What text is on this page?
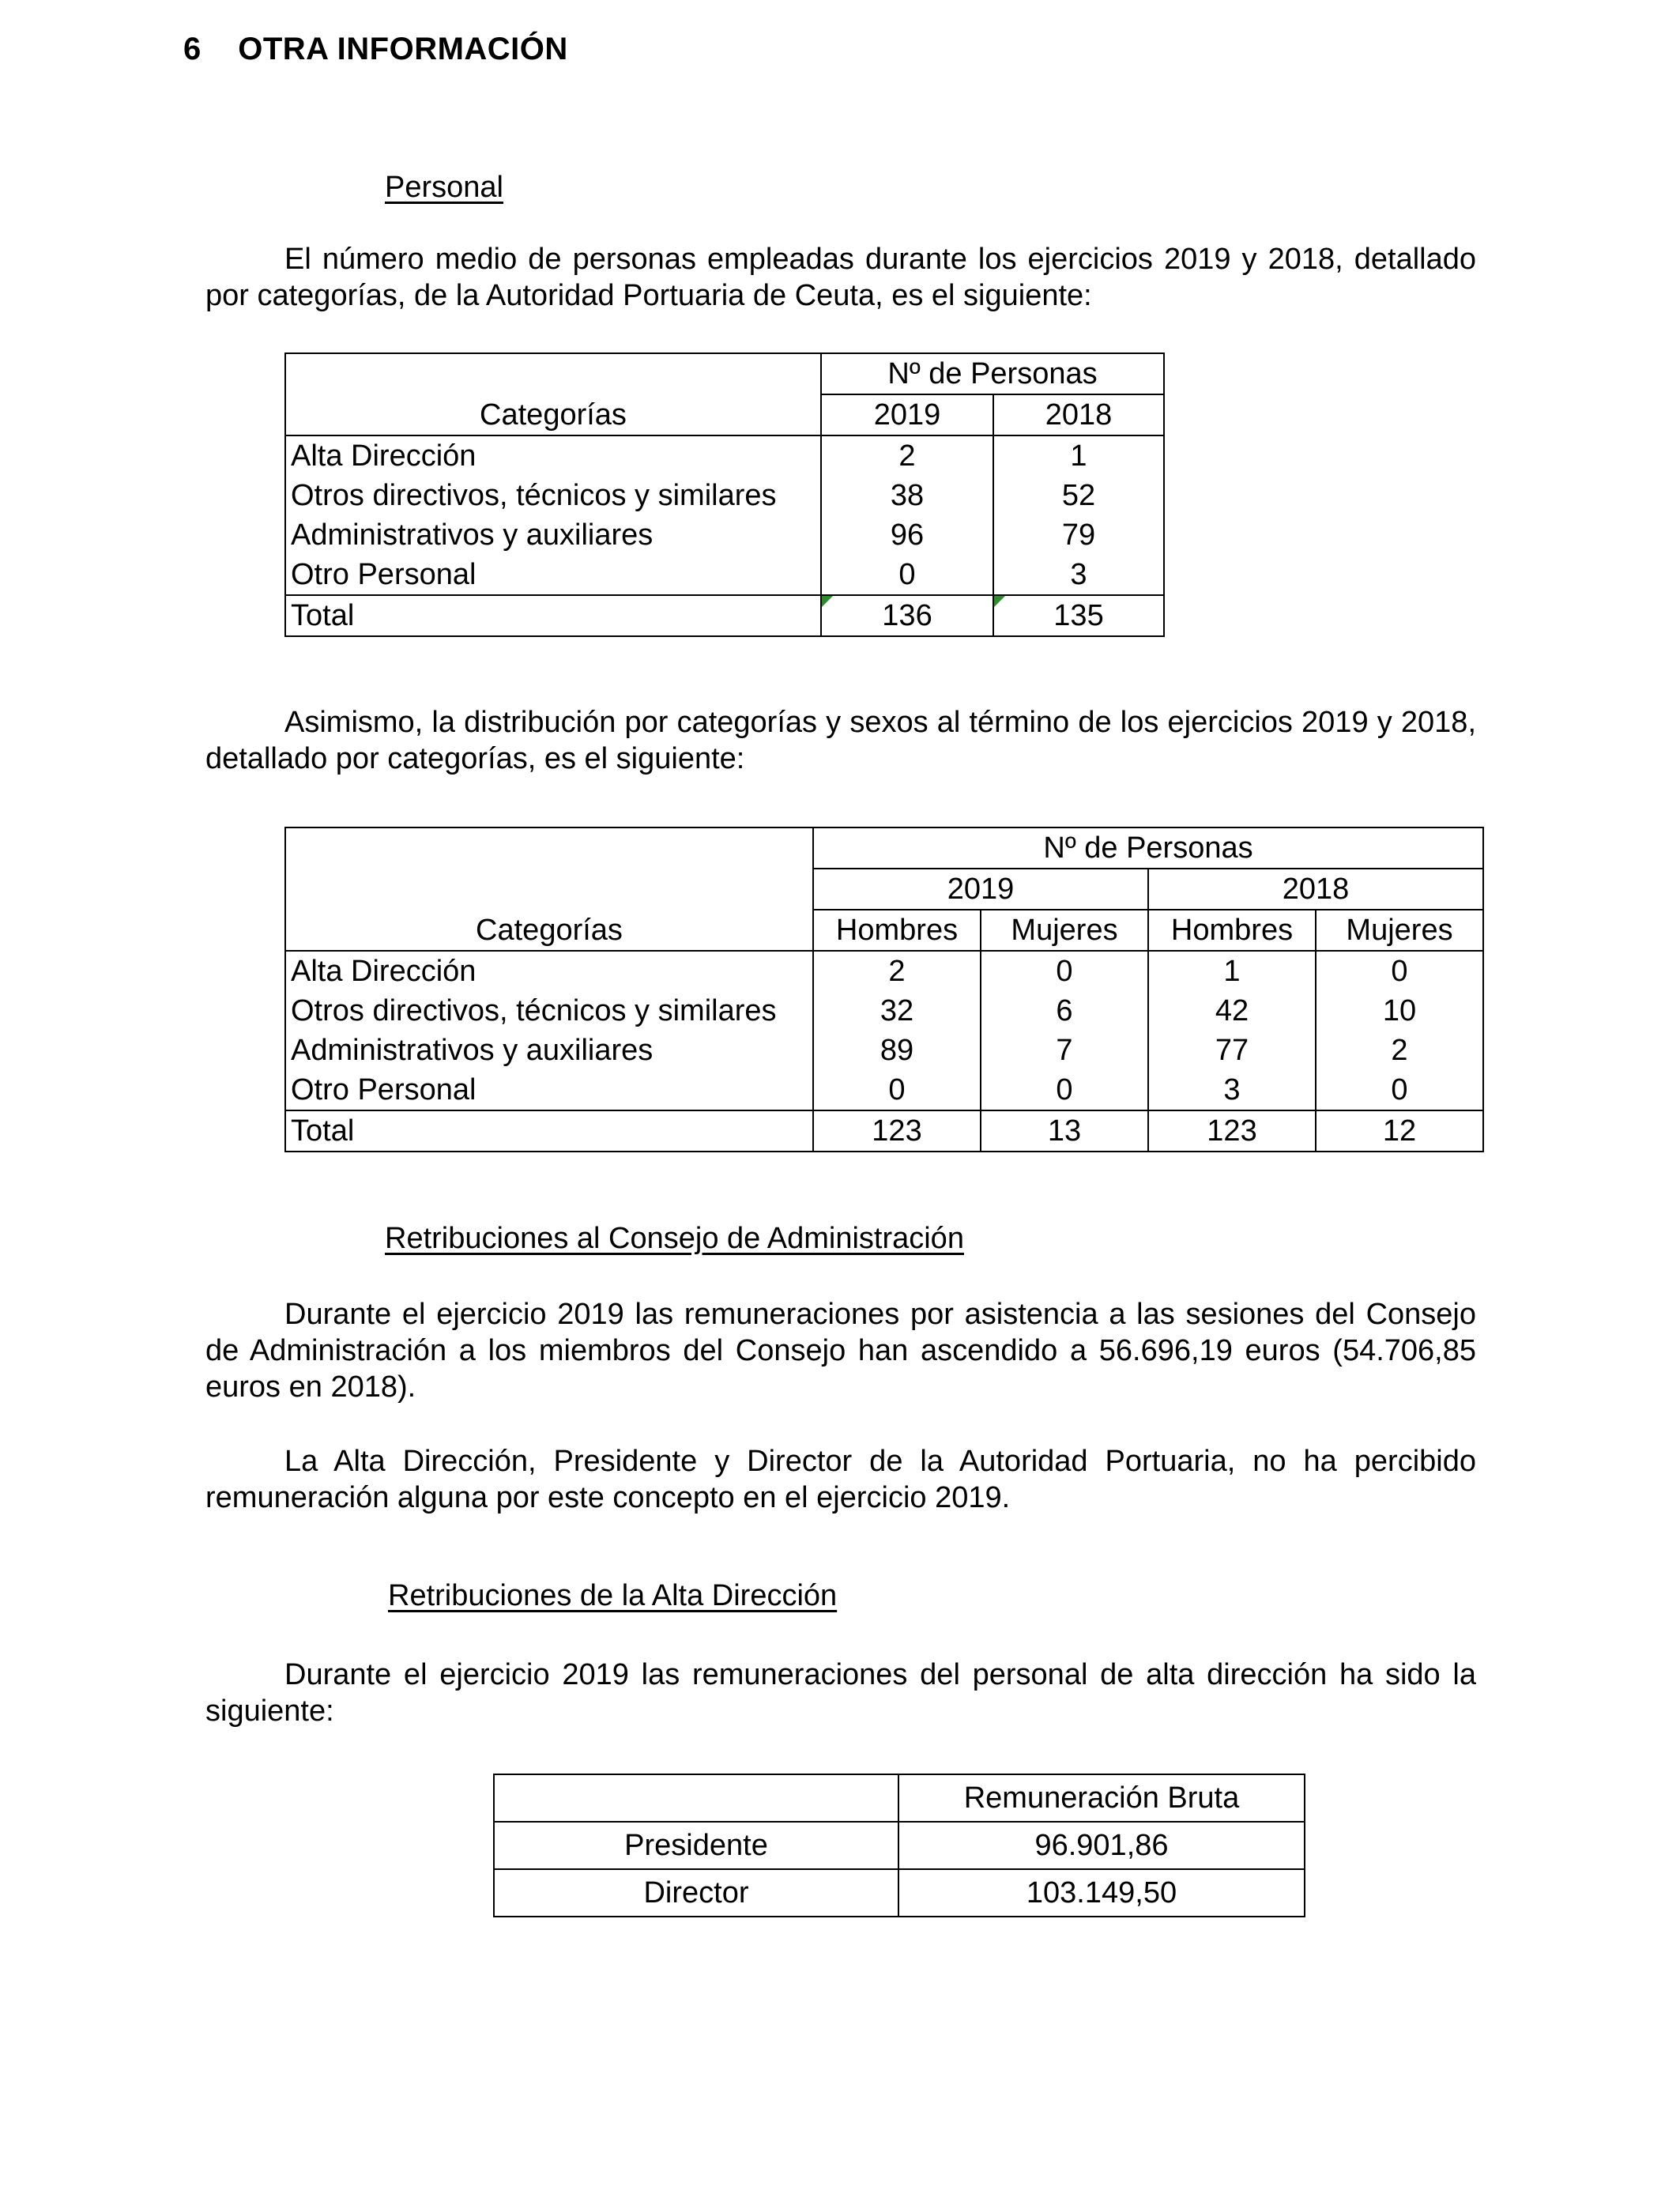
6 OTRA INFORMACIÓN
Personal
El número medio de personas empleadas durante los ejercicios 2019 y 2018, detallado por categorías, de la Autoridad Portuaria de Ceuta, es el siguiente:
	Nº de Personas	
Categorías	2019	2018
Alta Dirección	2	1
Otros directivos, técnicos y similares	38	52
Administrativos y auxiliares	96	79
Otro Personal	0	3
Total	136	135
Asimismo, la distribución por categorías y sexos al término de los ejercicios 2019 y 2018, detallado por categorías, es el siguiente:
	Nº de Personas			
	2019		2018	
Categorías	Hombres	Mujeres	Hombres	Mujeres
Alta Dirección	2	0	1	0
Otros directivos, técnicos y similares	32	6	42	10
Administrativos y auxiliares	89	7	77	2
Otro Personal	0	0	3	0
Total	123	13	123	12
Retribuciones al Consejo de Administración
Durante el ejercicio 2019 las remuneraciones por asistencia a las sesiones del Consejo de Administración a los miembros del Consejo han ascendido a 56.696,19 euros (54.706,85 euros en 2018).
La Alta Dirección, Presidente y Director de la Autoridad Portuaria, no ha percibido remuneración alguna por este concepto en el ejercicio 2019.
Retribuciones de la Alta Dirección
Durante el ejercicio 2019 las remuneraciones del personal de alta dirección ha sido la siguiente:
	Remuneración Bruta
Presidente	96.901,86
Director	103.149,50
